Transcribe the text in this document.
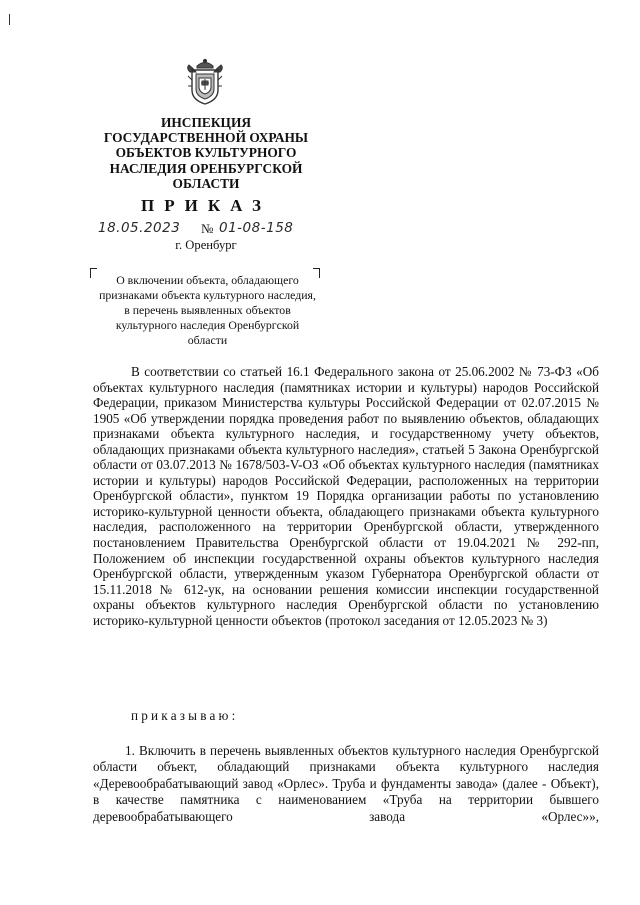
ИНСПЕКЦИЯ ГОСУДАРСТВЕННОЙ ОХРАНЫ ОБЪЕКТОВ КУЛЬТУРНОГО НАСЛЕДИЯ ОРЕНБУРГСКОЙ ОБЛАСТИ
ПРИКАЗ
18.05.2023 № 01-08-158
г. Оренбург
О включении объекта, обладающего признаками объекта культурного наследия, в перечень выявленных объектов культурного наследия Оренбургской области
В соответствии со статьей 16.1 Федерального закона от 25.06.2002 № 73-ФЗ «Об объектах культурного наследия (памятниках истории и культуры) народов Российской Федерации, приказом Министерства культуры Российской Федерации от 02.07.2015 № 1905 «Об утверждении порядка проведения работ по выявлению объектов, обладающих признаками объекта культурного наследия, и государственному учету объектов, обладающих признаками объекта культурного наследия», статьей 5 Закона Оренбургской области от 03.07.2013 № 1678/503-V-ОЗ «Об объектах культурного наследия (памятниках истории и культуры) народов Российской Федерации, расположенных на территории Оренбургской области», пунктом 19 Порядка организации работы по установлению историко-культурной ценности объекта, обладающего признаками объекта культурного наследия, расположенного на территории Оренбургской области, утвержденного постановлением Правительства Оренбургской области от 19.04.2021 № 292-пп, Положением об инспекции государственной охраны объектов культурного наследия Оренбургской области, утвержденным указом Губернатора Оренбургской области от 15.11.2018 № 612-ук, на основании решения комиссии инспекции государственной охраны объектов культурного наследия Оренбургской области по установлению историко-культурной ценности объектов (протокол заседания от 12.05.2023 № 3)
приказываю:
1. Включить в перечень выявленных объектов культурного наследия Оренбургской области объект, обладающий признаками объекта культурного наследия «Деревообрабатывающий завод «Орлес». Труба и фундаменты завода» (далее - Объект), в качестве памятника с наименованием «Труба на территории бывшего деревообрабатывающего завода «Орлес»»,
